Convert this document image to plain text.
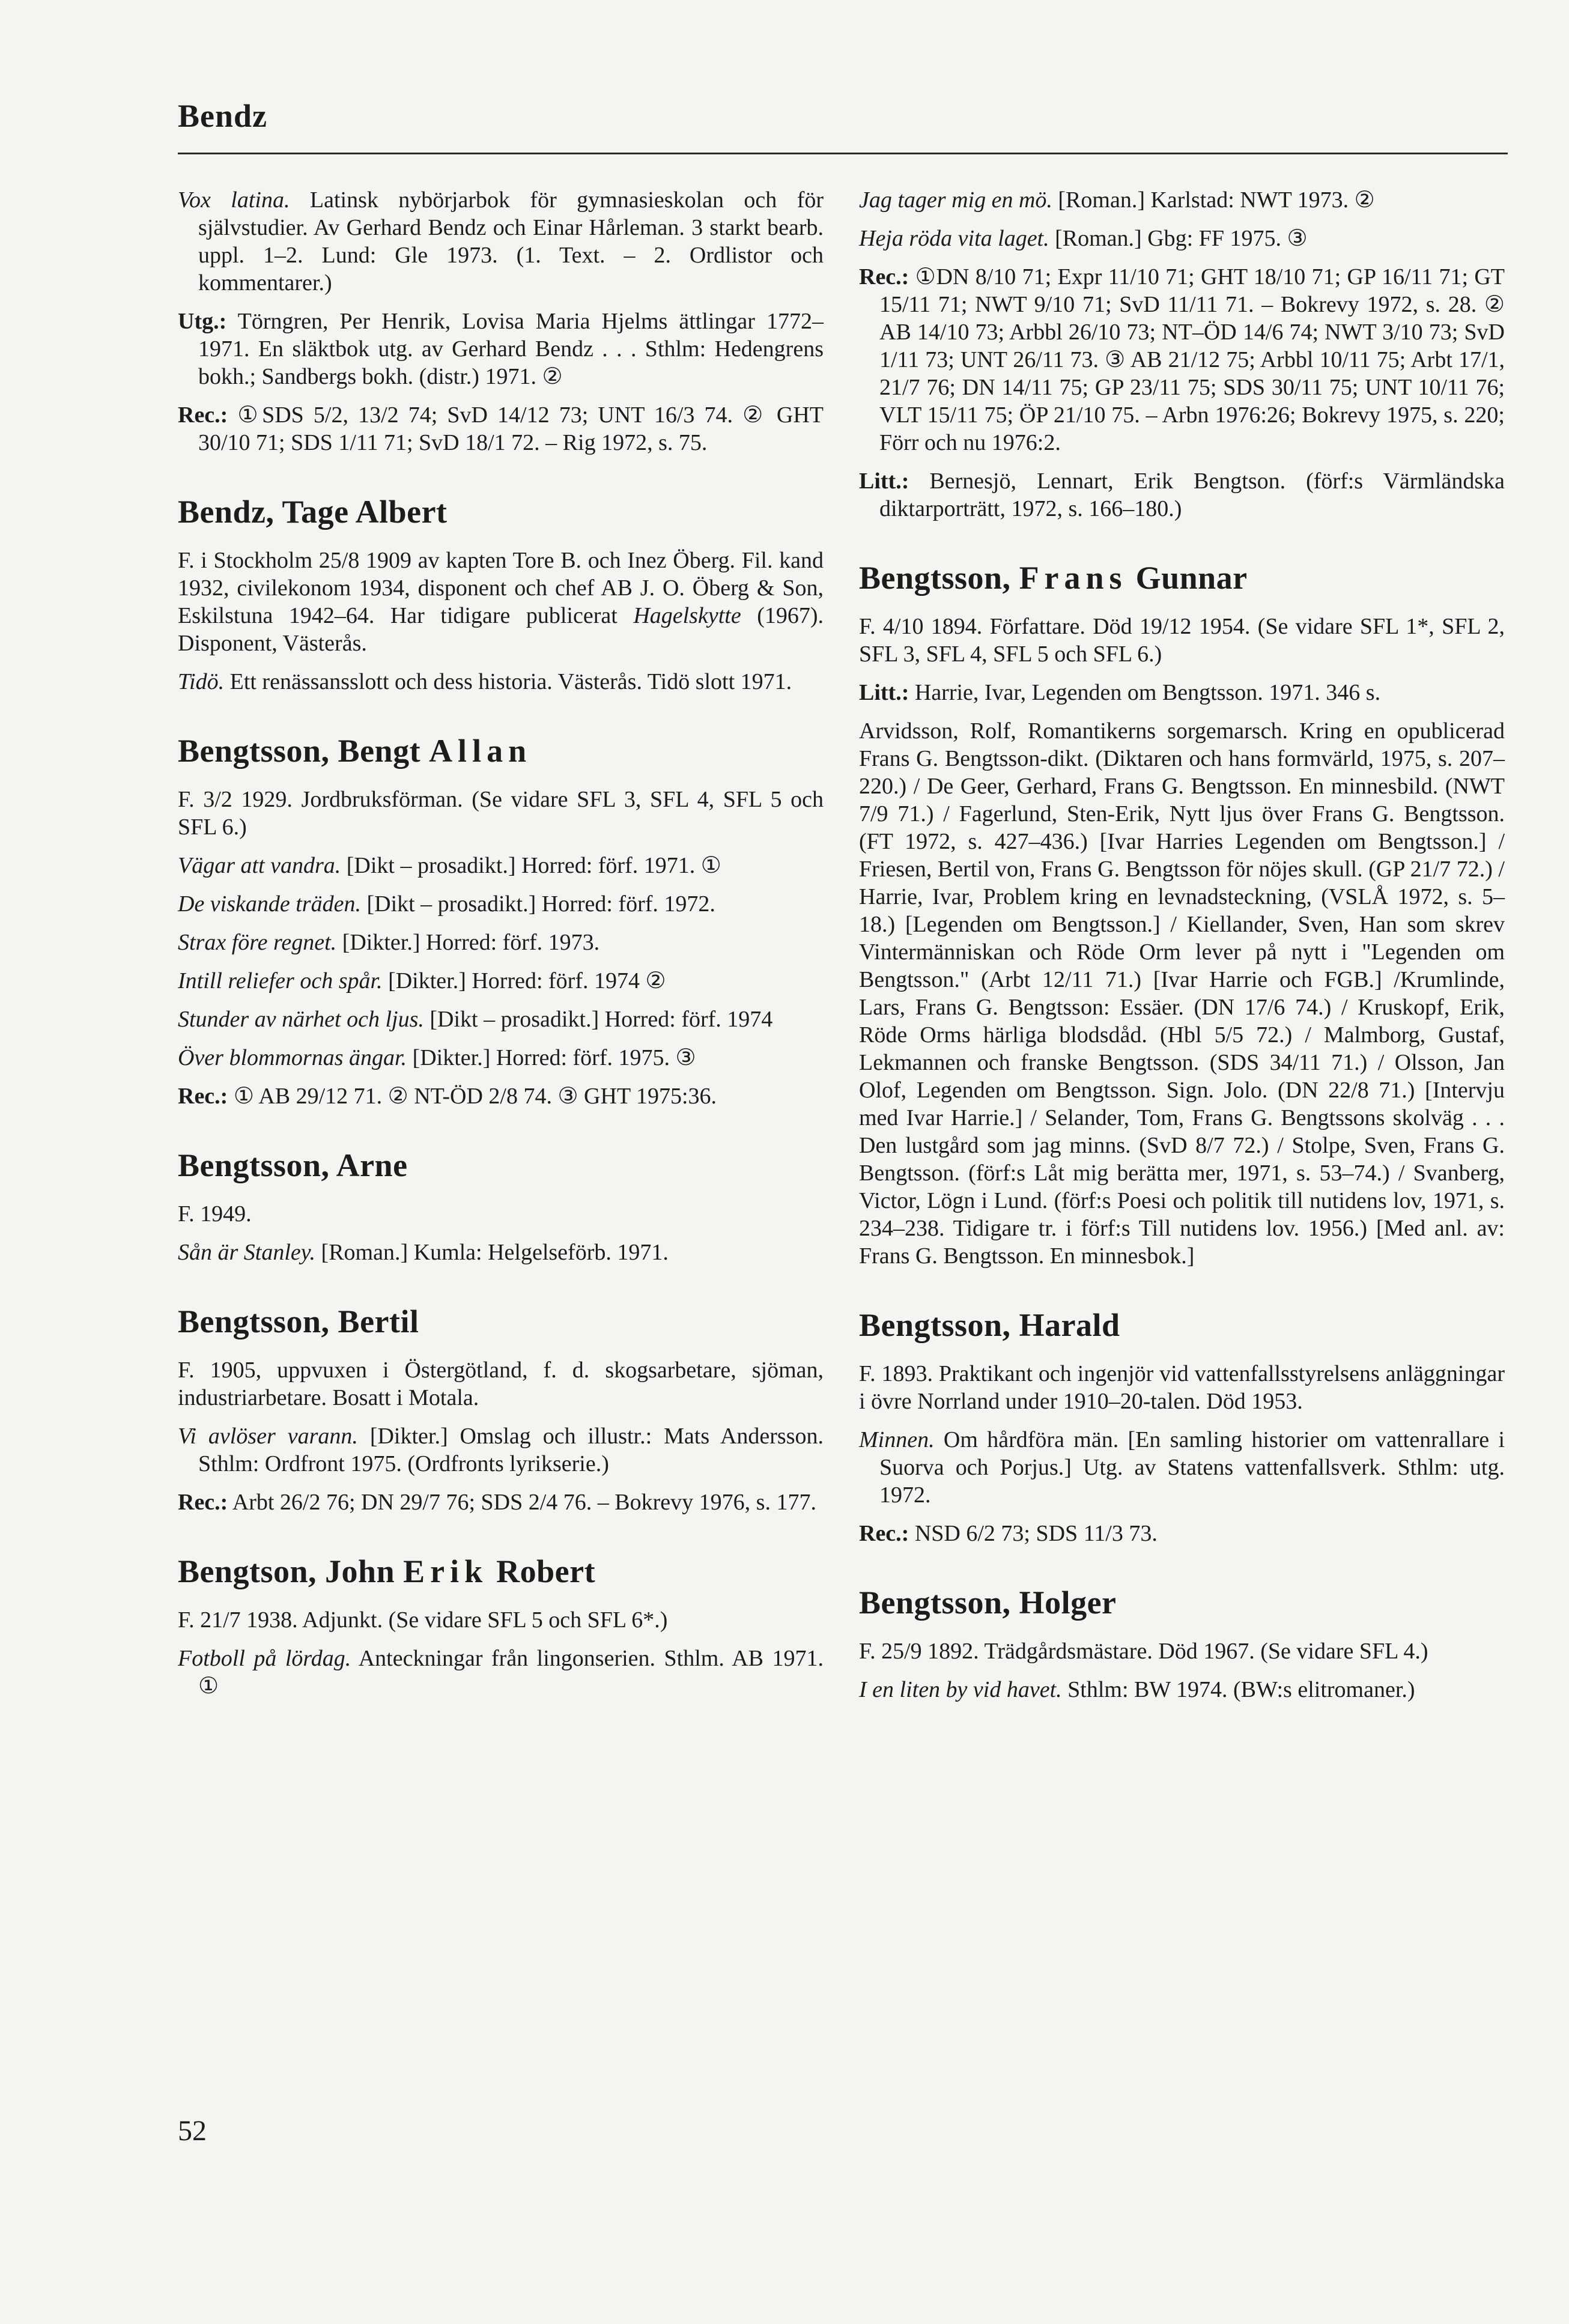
Bendz

Vox latina. Latinsk nybörjarbok för gymnasieskolan och för självstudier. Av Gerhard Bendz och Einar Hårleman. 3 starkt bearb. uppl. 1–2. Lund: Gle 1973. (1. Text. – 2. Ordlistor och kommentarer.)

Utg.: Törngren, Per Henrik, Lovisa Maria Hjelms ättlingar 1772–1971. En släktbok utg. av Gerhard Bendz . . . Sthlm: Hedengrens bokh.; Sandbergs bokh. (distr.) 1971. ②

Rec.: ①SDS 5/2, 13/2 74; SvD 14/12 73; UNT 16/3 74. ② GHT 30/10 71; SDS 1/11 71; SvD 18/1 72. – Rig 1972, s. 75.

Bendz, Tage Albert

F. i Stockholm 25/8 1909 av kapten Tore B. och Inez Öberg. Fil. kand 1932, civilekonom 1934, disponent och chef AB J. O. Öberg & Son, Eskilstuna 1942–64. Har tidigare publicerat Hagelskytte (1967). Disponent, Västerås.

Tidö. Ett renässansslott och dess historia. Västerås. Tidö slott 1971.

Bengtsson, Bengt Allan

F. 3/2 1929. Jordbruksförman. (Se vidare SFL 3, SFL 4, SFL 5 och SFL 6.)

Vägar att vandra. [Dikt – prosadikt.] Horred: förf. 1971. ①

De viskande träden. [Dikt – prosadikt.] Horred: förf. 1972.

Strax före regnet. [Dikter.] Horred: förf. 1973.

Intill reliefer och spår. [Dikter.] Horred: förf. 1974 ②

Stunder av närhet och ljus. [Dikt – prosadikt.] Horred: förf. 1974

Över blommornas ängar. [Dikter.] Horred: förf. 1975. ③

Rec.: ① AB 29/12 71. ② NT-ÖD 2/8 74. ③ GHT 1975:36.

Bengtsson, Arne

F. 1949.

Sån är Stanley. [Roman.] Kumla: Helgelseförb. 1971.

Bengtsson, Bertil

F. 1905, uppvuxen i Östergötland, f. d. skogsarbetare, sjöman, industriarbetare. Bosatt i Motala.

Vi avlöser varann. [Dikter.] Omslag och illustr.: Mats Andersson. Sthlm: Ordfront 1975. (Ordfronts lyrikserie.)

Rec.: Arbt 26/2 76; DN 29/7 76; SDS 2/4 76. – Bokrevy 1976, s. 177.

Bengtson, John Erik Robert

F. 21/7 1938. Adjunkt. (Se vidare SFL 5 och SFL 6*.)

Fotboll på lördag. Anteckningar från lingonserien. Sthlm. AB 1971. ①

Jag tager mig en mö. [Roman.] Karlstad: NWT 1973. ②

Heja röda vita laget. [Roman.] Gbg: FF 1975. ③

Rec.: ①DN 8/10 71; Expr 11/10 71; GHT 18/10 71; GP 16/11 71; GT 15/11 71; NWT 9/10 71; SvD 11/11 71. – Bokrevy 1972, s. 28. ② AB 14/10 73; Arbbl 26/10 73; NT–ÖD 14/6 74; NWT 3/10 73; SvD 1/11 73; UNT 26/11 73. ③ AB 21/12 75; Arbbl 10/11 75; Arbt 17/1, 21/7 76; DN 14/11 75; GP 23/11 75; SDS 30/11 75; UNT 10/11 76; VLT 15/11 75; ÖP 21/10 75. – Arbn 1976:26; Bokrevy 1975, s. 220; Förr och nu 1976:2.

Litt.: Bernesjö, Lennart, Erik Bengtson. (förf:s Värmländska diktarporträtt, 1972, s. 166–180.)

Bengtsson, Frans Gunnar

F. 4/10 1894. Författare. Död 19/12 1954. (Se vidare SFL 1*, SFL 2, SFL 3, SFL 4, SFL 5 och SFL 6.)

Litt.: Harrie, Ivar, Legenden om Bengtsson. 1971. 346 s.

Arvidsson, Rolf, Romantikerns sorgemarsch. Kring en opublicerad Frans G. Bengtsson-dikt. (Diktaren och hans formvärld, 1975, s. 207–220.) / De Geer, Gerhard, Frans G. Bengtsson. En minnesbild. (NWT 7/9 71.) / Fagerlund, Sten-Erik, Nytt ljus över Frans G. Bengtsson. (FT 1972, s. 427–436.) [Ivar Harries Legenden om Bengtsson.] / Friesen, Bertil von, Frans G. Bengtsson för nöjes skull. (GP 21/7 72.) / Harrie, Ivar, Problem kring en levnadsteckning, (VSLÅ 1972, s. 5–18.) [Legenden om Bengtsson.] / Kiellander, Sven, Han som skrev Vintermänniskan och Röde Orm lever på nytt i "Legenden om Bengtsson." (Arbt 12/11 71.) [Ivar Harrie och FGB.] /Krumlinde, Lars, Frans G. Bengtsson: Essäer. (DN 17/6 74.) / Kruskopf, Erik, Röde Orms härliga blodsdåd. (Hbl 5/5 72.) / Malmborg, Gustaf, Lekmannen och franske Bengtsson. (SDS 34/11 71.) / Olsson, Jan Olof, Legenden om Bengtsson. Sign. Jolo. (DN 22/8 71.) [Intervju med Ivar Harrie.] / Selander, Tom, Frans G. Bengtssons skolväg . . . Den lustgård som jag minns. (SvD 8/7 72.) / Stolpe, Sven, Frans G. Bengtsson. (förf:s Låt mig berätta mer, 1971, s. 53–74.) / Svanberg, Victor, Lögn i Lund. (förf:s Poesi och politik till nutidens lov, 1971, s. 234–238. Tidigare tr. i förf:s Till nutidens lov. 1956.) [Med anl. av: Frans G. Bengtsson. En minnesbok.]

Bengtsson, Harald

F. 1893. Praktikant och ingenjör vid vattenfallsstyrelsens anläggningar i övre Norrland under 1910–20-talen. Död 1953.

Minnen. Om hårdföra män. [En samling historier om vattenrallare i Suorva och Porjus.] Utg. av Statens vattenfallsverk. Sthlm: utg. 1972.

Rec.: NSD 6/2 73; SDS 11/3 73.

Bengtsson, Holger

F. 25/9 1892. Trädgårdsmästare. Död 1967. (Se vidare SFL 4.)

I en liten by vid havet. Sthlm: BW 1974. (BW:s elitromaner.)

52
